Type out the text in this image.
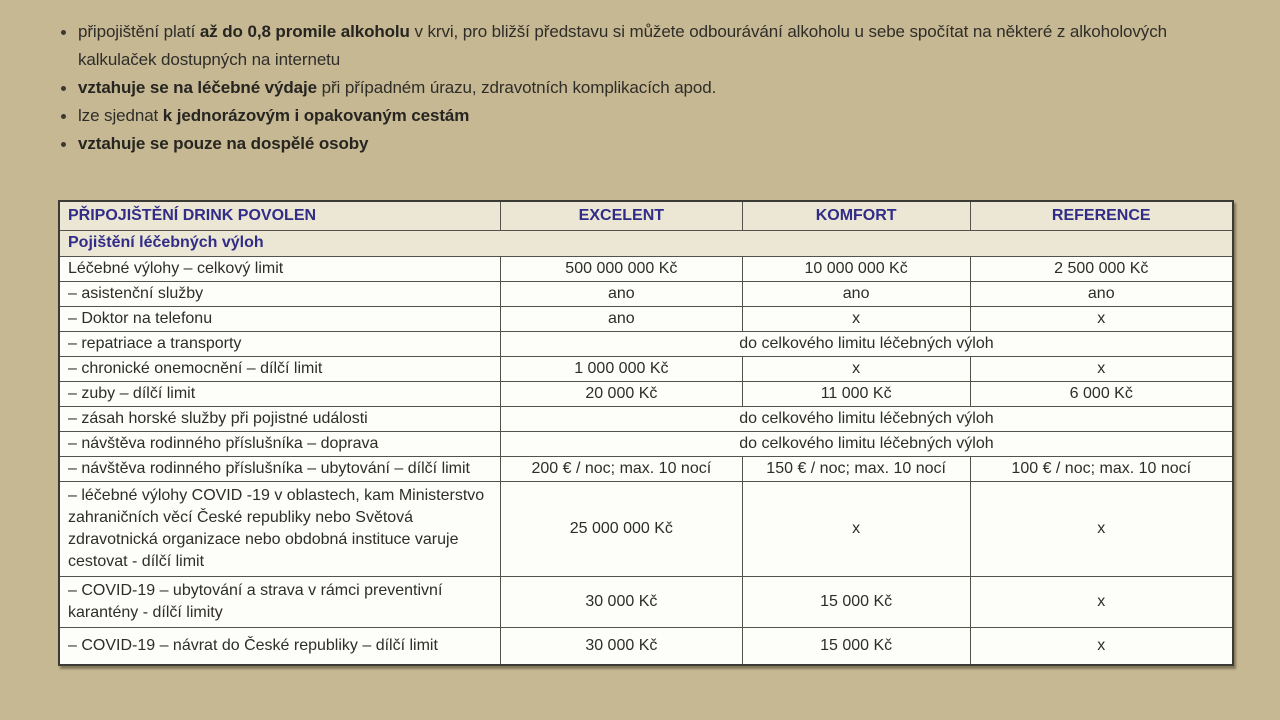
připojištění platí až do 0,8 promile alkoholu v krvi, pro bližší představu si můžete odbourávání alkoholu u sebe spočítat na některé z alkoholových kalkulaček dostupných na internetu
vztahuje se na léčebné výdaje při případném úrazu, zdravotních komplikacích apod.
lze sjednat k jednorázovým i opakovaným cestám
vztahuje se pouze na dospělé osoby
PŘIPOJIŠTĚNÍ DRINK POVOLEN	EXCELENT	KOMFORT	REFERENCE
Pojištění léčebných výloh			
Léčebné výlohy – celkový limit	500 000 000 Kč	10 000 000 Kč	2 500 000 Kč
– asistenční služby	ano	ano	ano
– Doktor na telefonu	ano	x	x
– repatriace a transporty	do celkového limitu léčebných výloh		
– chronické onemocnění – dílčí limit	1 000 000 Kč	x	x
– zuby – dílčí limit	20 000 Kč	11 000 Kč	6 000 Kč
– zásah horské služby při pojistné události	do celkového limitu léčebných výloh		
– návštěva rodinného příslušníka – doprava	do celkového limitu léčebných výloh		
– návštěva rodinného příslušníka – ubytování – dílčí limit	200 € / noc; max. 10 nocí	150 € / noc; max. 10 nocí	100 € / noc; max. 10 nocí
– léčebné výlohy COVID -19 v oblastech, kam Ministerstvo zahraničních věcí České republiky nebo Světová zdravotnická organizace nebo obdobná instituce varuje cestovat - dílčí limit	25 000 000 Kč	x	x
– COVID-19 – ubytování a strava v rámci preventivní karantény - dílčí limity	30 000 Kč	15 000 Kč	x
– COVID-19 – návrat do České republiky – dílčí limit	30 000 Kč	15 000 Kč	x
